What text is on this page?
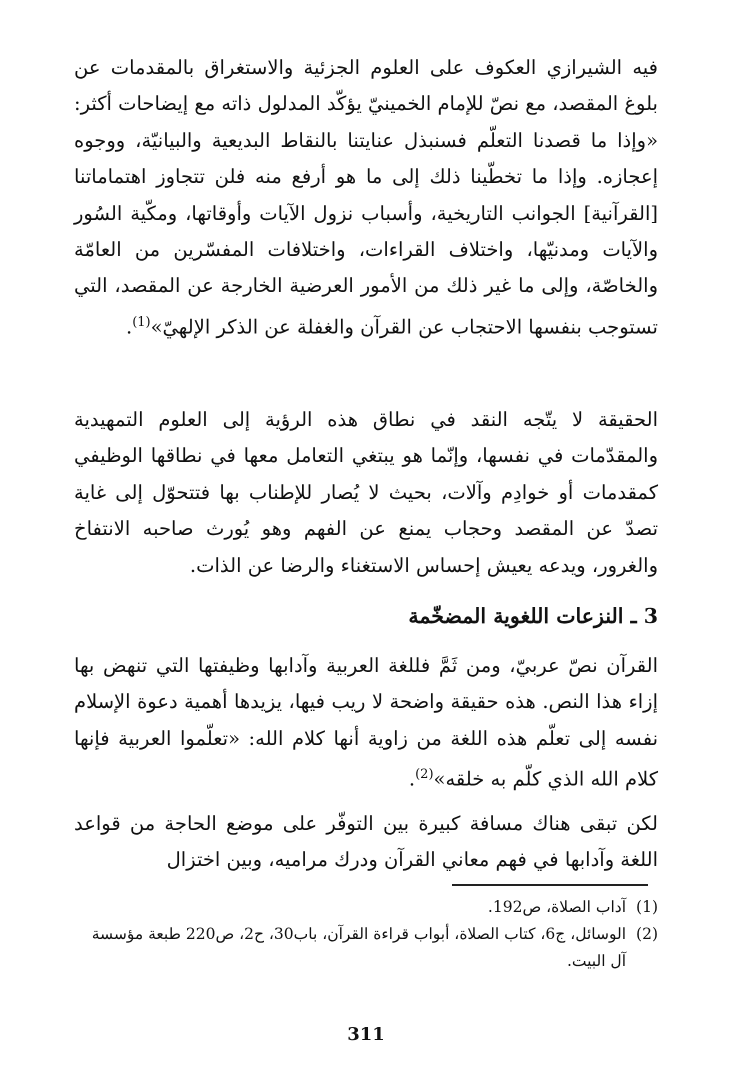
فيه الشيرازي العكوف على العلوم الجزئية والاستغراق بالمقدمات عن بلوغ المقصد، مع نصّ للإمام الخمينيّ يؤكّد المدلول ذاته مع إيضاحات أكثر: «وإذا ما قصدنا التعلّم فسنبذل عنايتنا بالنقاط البديعية والبيانيّة، ووجوه إعجازه. وإذا ما تخطّينا ذلك إلى ما هو أرفع منه فلن تتجاوز اهتماماتنا [القرآنية] الجوانب التاريخية، وأسباب نزول الآيات وأوقاتها، ومكّية السُور والآيات ومدنيّها، واختلاف القراءات، واختلافات المفسّرين من العامّة والخاصّة، وإلى ما غير ذلك من الأمور العرضية الخارجة عن المقصد، التي تستوجب بنفسها الاحتجاب عن القرآن والغفلة عن الذكر الإلهيّ»$^{(1)}$.

الحقيقة لا يتّجه النقد في نطاق هذه الرؤية إلى العلوم التمهيدية والمقدّمات في نفسها، وإنّما هو يبتغي التعامل معها في نطاقها الوظيفي كمقدمات أو خوادِم وآلات، بحيث لا يُصار للإطناب بها فتتحوّل إلى غاية تصدّ عن المقصد وحجاب يمنع عن الفهم وهو يُورث صاحبه الانتفاخ والغرور، ويدعه يعيش إحساس الاستغناء والرضا عن الذات.

3 ـ النزعات اللغوية المضخّمة

القرآن نصّ عربيّ، ومن ثَمَّ فللغة العربية وآدابها وظيفتها التي تنهض بها إزاء هذا النص. هذه حقيقة واضحة لا ريب فيها، يزيدها أهمية دعوة الإسلام نفسه إلى تعلّم هذه اللغة من زاوية أنها كلام الله: «تعلّموا العربية فإنها كلام الله الذي كلّم به خلقه»$^{(2)}$.

لكن تبقى هناك مسافة كبيرة بين التوفّر على موضع الحاجة من قواعد اللغة وآدابها في فهم معاني القرآن ودرك مراميه، وبين اختزال

(1)
آداب الصلاة، ص192.
(2)
الوسائل، ج6، كتاب الصلاة، أبواب قراءة القرآن، باب30، ح2، ص220 طبعة مؤسسة آل البيت.
311
